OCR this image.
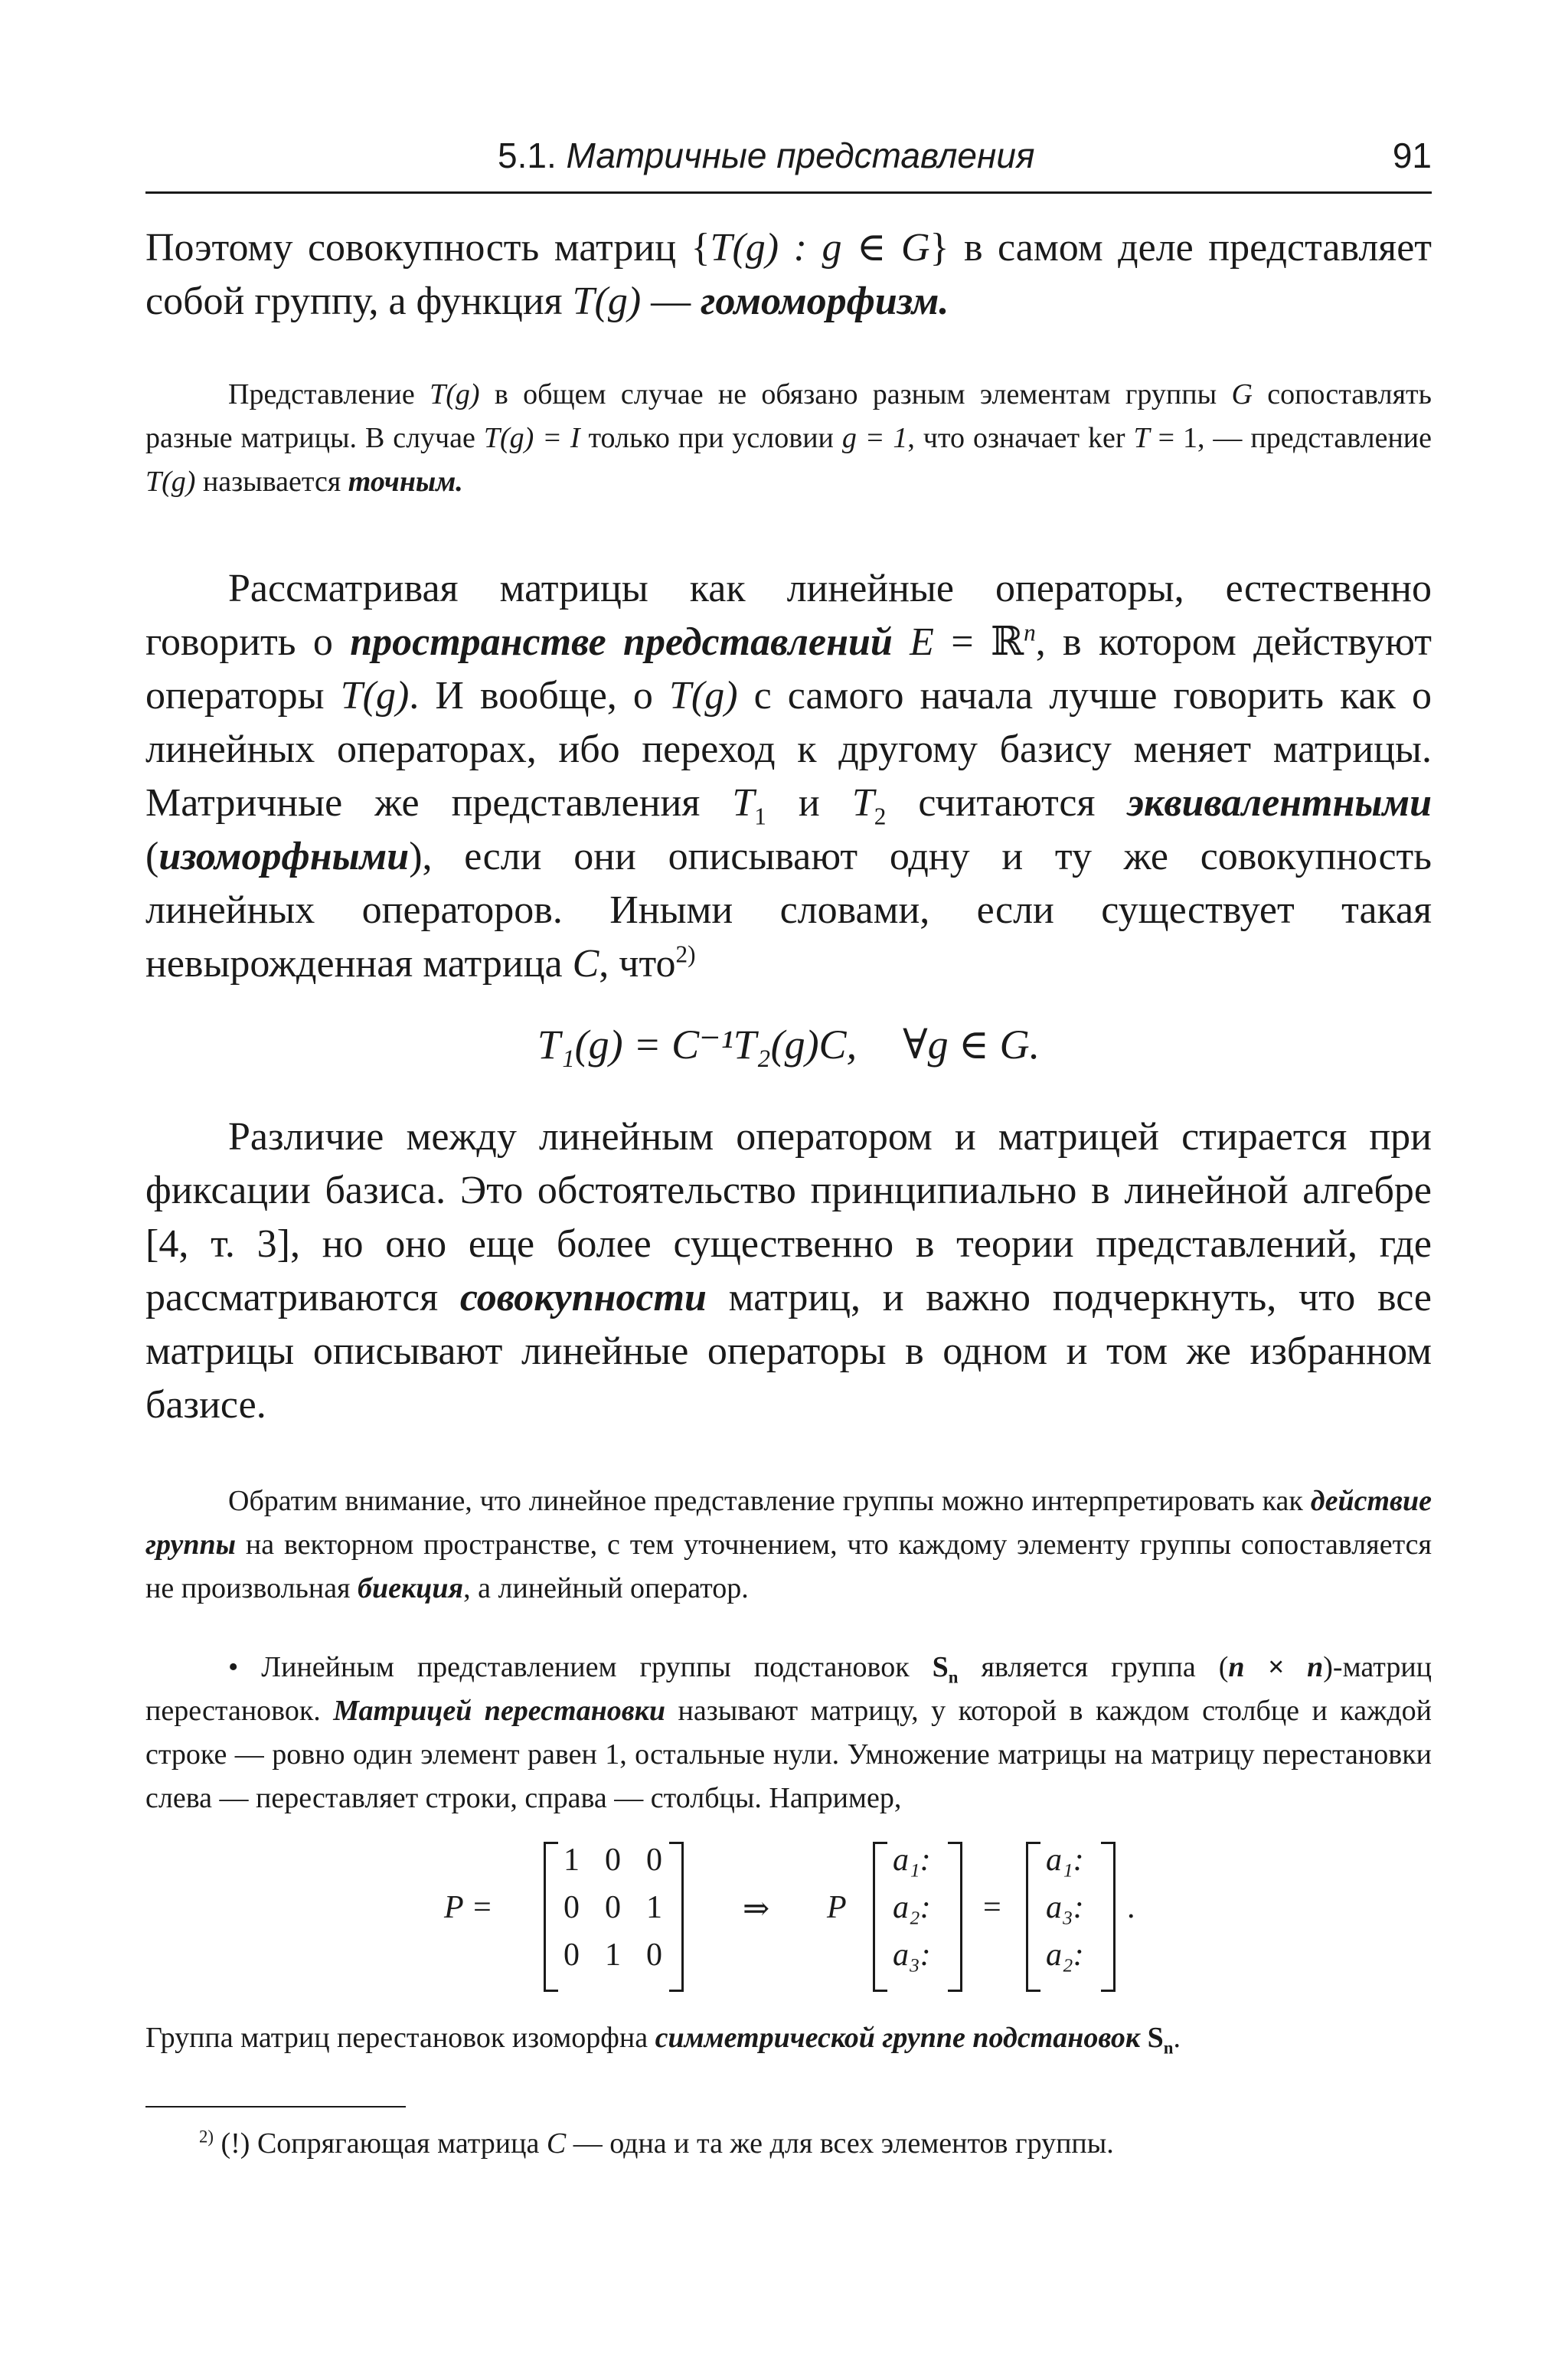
5.1. Матричные представления	91

Поэтому совокупность матриц {T(g) : g ∈ G} в самом деле представляет собой группу, а функция T(g) — гомоморфизм.

Представление T(g) в общем случае не обязано разным элементам группы G сопоставлять разные матрицы. В случае T(g) = I только при условии g = 1, что означает ker T = 1, — представление T(g) называется точным.

Рассматривая матрицы как линейные операторы, естественно говорить о пространстве представлений E = ℝ$^n$, в котором действуют операторы T(g). И вообще, о T(g) с самого начала лучше говорить как о линейных операторах, ибо переход к другому базису меняет матрицы. Матричные же представления $T_1$ и $T_2$ считаются эквивалентными (изоморфными), если они описывают одну и ту же совокупность линейных операторов. Иными словами, если существует такая невырожденная матрица C, что$^{2)}$

T₁(g) = C⁻¹T₂(g)C, ∀g ∈ G.

Различие между линейным оператором и матрицей стирается при фиксации базиса. Это обстоятельство принципиально в линейной алгебре [4, т. 3], но оно еще более существенно в теории представлений, где рассматриваются совокупности матриц, и важно подчеркнуть, что все матрицы описывают линейные операторы в одном и том же избранном базисе.

Обратим внимание, что линейное представление группы можно интерпретировать как действие группы на векторном пространстве, с тем уточнением, что каждому элементу группы сопоставляется не произвольная биекция, а линейный оператор.

• Линейным представлением группы подстановок $S_n$ является группа (n × n)-матриц перестановок. Матрицей перестановки называют матрицу, у которой в каждом столбце и каждой строке — ровно один элемент равен 1, остальные нули. Умножение матрицы на матрицу перестановки слева — переставляет строки, справа — столбцы. Например,

P =
1 0 0
0 0 1
0 1 0
⇒ P
a₁:
a₂:
a₃:
=
a₁:
a₃:
a₂:
.

Группа матриц перестановок изоморфна симметрической группе подстановок $S_n$.

$^{2)}$ (!) Сопрягающая матрица C — одна и та же для всех элементов группы.
